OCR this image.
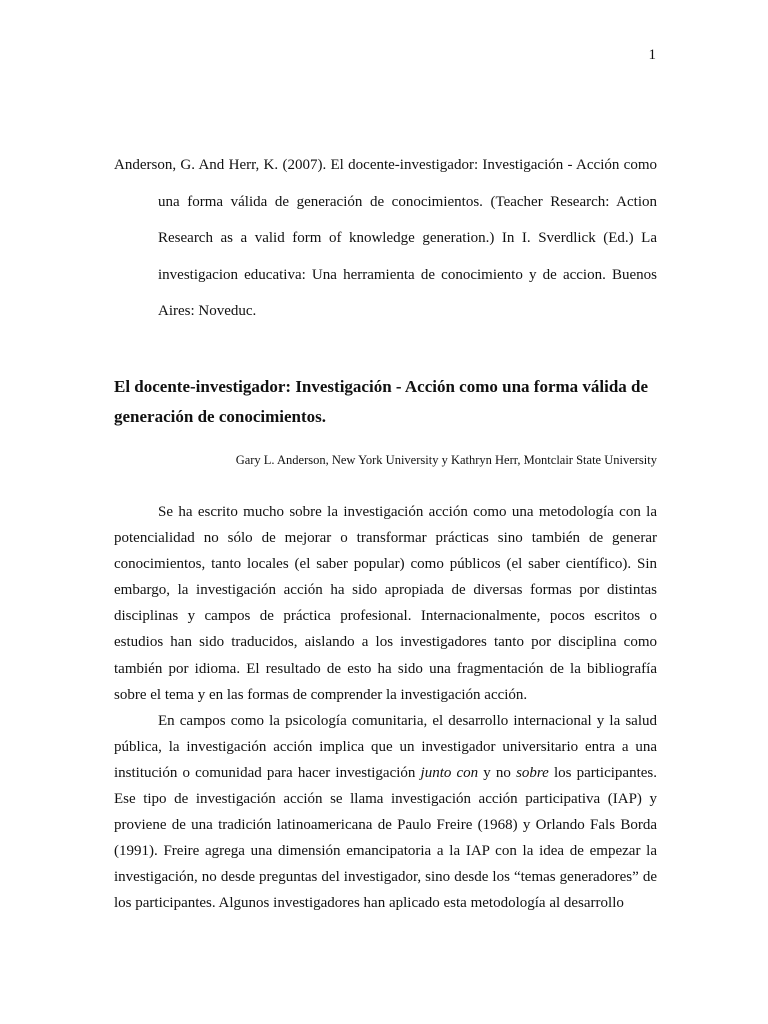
1
Anderson, G. And Herr, K. (2007). El docente-investigador: Investigación - Acción como una forma válida de generación de conocimientos. (Teacher Research: Action Research as a valid form of knowledge generation.) In I. Sverdlick (Ed.) La investigacion educativa: Una herramienta de conocimiento y de accion. Buenos Aires: Noveduc.
El docente-investigador: Investigación - Acción como una forma válida de generación de conocimientos.
Gary L. Anderson, New York University y Kathryn Herr, Montclair State University

Se ha escrito mucho sobre la investigación acción como una metodología con la potencialidad no sólo de mejorar o transformar prácticas sino también de generar conocimientos, tanto locales (el saber popular) como públicos (el saber científico). Sin embargo, la investigación acción ha sido apropiada de diversas formas por distintas disciplinas y campos de práctica profesional. Internacionalmente, pocos escritos o estudios han sido traducidos, aislando a los investigadores tanto por disciplina como también por idioma. El resultado de esto ha sido una fragmentación de la bibliografía sobre el tema y en las formas de comprender la investigación acción.

En campos como la psicología comunitaria, el desarrollo internacional y la salud pública, la investigación acción implica que un investigador universitario entra a una institución o comunidad para hacer investigación junto con y no sobre los participantes. Ese tipo de investigación acción se llama investigación acción participativa (IAP) y proviene de una tradición latinoamericana de Paulo Freire (1968) y Orlando Fals Borda (1991). Freire agrega una dimensión emancipatoria a la IAP con la idea de empezar la investigación, no desde preguntas del investigador, sino desde los “temas generadores” de los participantes. Algunos investigadores han aplicado esta metodología al desarrollo
